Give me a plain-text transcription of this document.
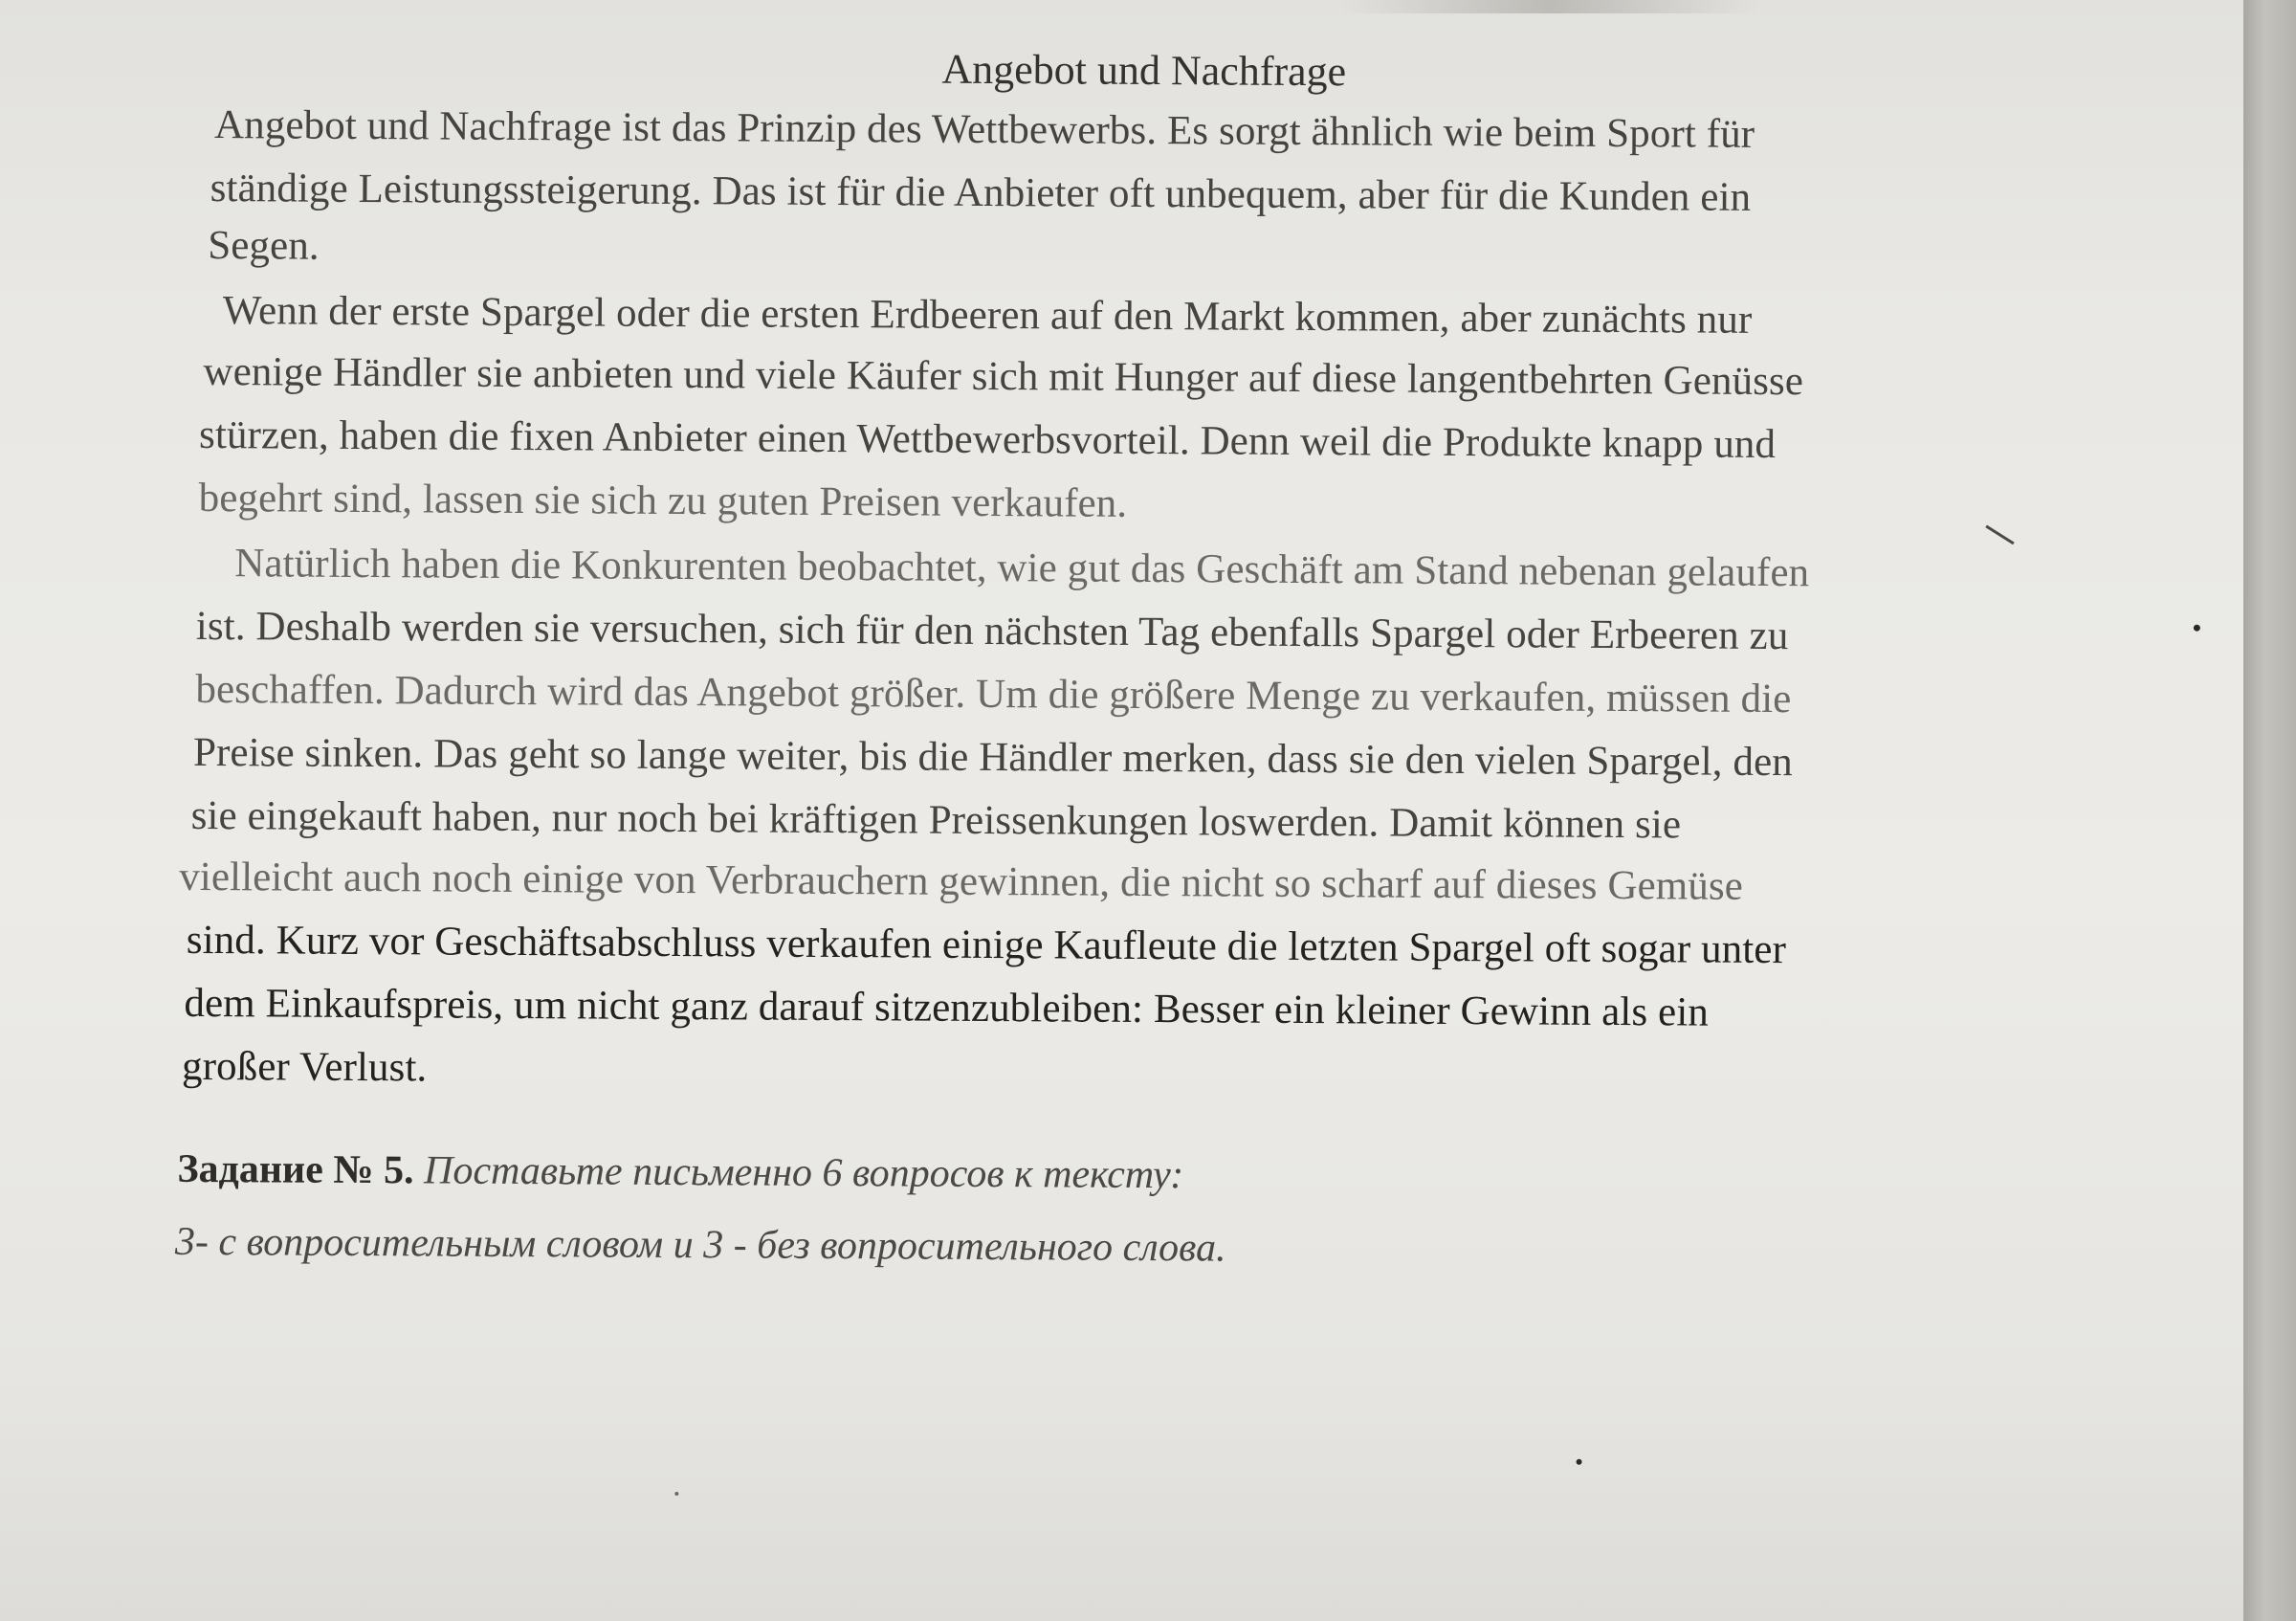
Angebot und Nachfrage
Angebot und Nachfrage ist das Prinzip des Wettbewerbs. Es sorgt ähnlich wie beim Sport für
ständige Leistungssteigerung. Das ist für die Anbieter oft unbequem, aber für die Kunden ein
Segen.
Wenn der erste Spargel oder die ersten Erdbeeren auf den Markt kommen, aber zunächts nur
wenige Händler sie anbieten und viele Käufer sich mit Hunger auf diese langentbehrten Genüsse
stürzen, haben die fixen Anbieter einen Wettbewerbsvorteil. Denn weil die Produkte knapp und
begehrt sind, lassen sie sich zu guten Preisen verkaufen.
Natürlich haben die Konkurenten beobachtet, wie gut das Geschäft am Stand nebenan gelaufen
ist. Deshalb werden sie versuchen, sich für den nächsten Tag ebenfalls Spargel oder Erbeeren zu
beschaffen. Dadurch wird das Angebot größer. Um die größere Menge zu verkaufen, müssen die
Preise sinken. Das geht so lange weiter, bis die Händler merken, dass sie den vielen Spargel, den
sie eingekauft haben, nur noch bei kräftigen Preissenkungen loswerden. Damit können sie
vielleicht auch noch einige von Verbrauchern gewinnen, die nicht so scharf auf dieses Gemüse
sind. Kurz vor Geschäftsabschluss verkaufen einige Kaufleute die letzten Spargel oft sogar unter
dem Einkaufspreis, um nicht ganz darauf sitzenzubleiben: Besser ein kleiner Gewinn als ein
großer Verlust.
Задание № 5. Поставьте письменно 6 вопросов к тексту:
3- с вопросительным словом и 3 - без вопросительного слова.
